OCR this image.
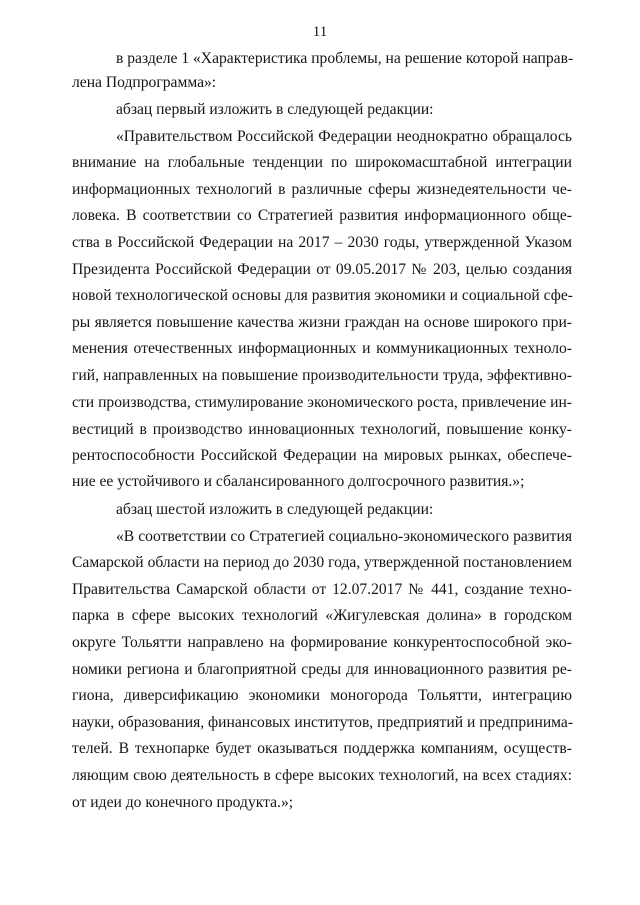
11
в разделе 1 «Характеристика проблемы, на решение которой направ-
лена Подпрограмма»:
абзац первый изложить в следующей редакции:
«Правительством Российской Федерации неоднократно обращалось
внимание на глобальные тенденции по широкомасштабной интеграции
информационных технологий в различные сферы жизнедеятельности че-
ловека. В соответствии со Стратегией развития информационного обще-
ства в Российской Федерации на 2017 – 2030 годы, утвержденной Указом
Президента Российской Федерации от 09.05.2017 № 203, целью создания
новой технологической основы для развития экономики и социальной сфе-
ры является повышение качества жизни граждан на основе широкого при-
менения отечественных информационных и коммуникационных техноло-
гий, направленных на повышение производительности труда, эффективно-
сти производства, стимулирование экономического роста, привлечение ин-
вестиций в производство инновационных технологий, повышение конку-
рентоспособности Российской Федерации на мировых рынках, обеспече-
ние ее устойчивого и сбалансированного долгосрочного развития.»;
абзац шестой изложить в следующей редакции:
«В соответствии со Стратегией социально-экономического развития
Самарской области на период до 2030 года, утвержденной постановлением
Правительства Самарской области от 12.07.2017 № 441, создание техно-
парка в сфере высоких технологий «Жигулевская долина» в городском
округе Тольятти направлено на формирование конкурентоспособной эко-
номики региона и благоприятной среды для инновационного развития ре-
гиона, диверсификацию экономики моногорода Тольятти, интеграцию
науки, образования, финансовых институтов, предприятий и предпринима-
телей. В технопарке будет оказываться поддержка компаниям, осуществ-
ляющим свою деятельность в сфере высоких технологий, на всех стадиях:
от идеи до конечного продукта.»;
